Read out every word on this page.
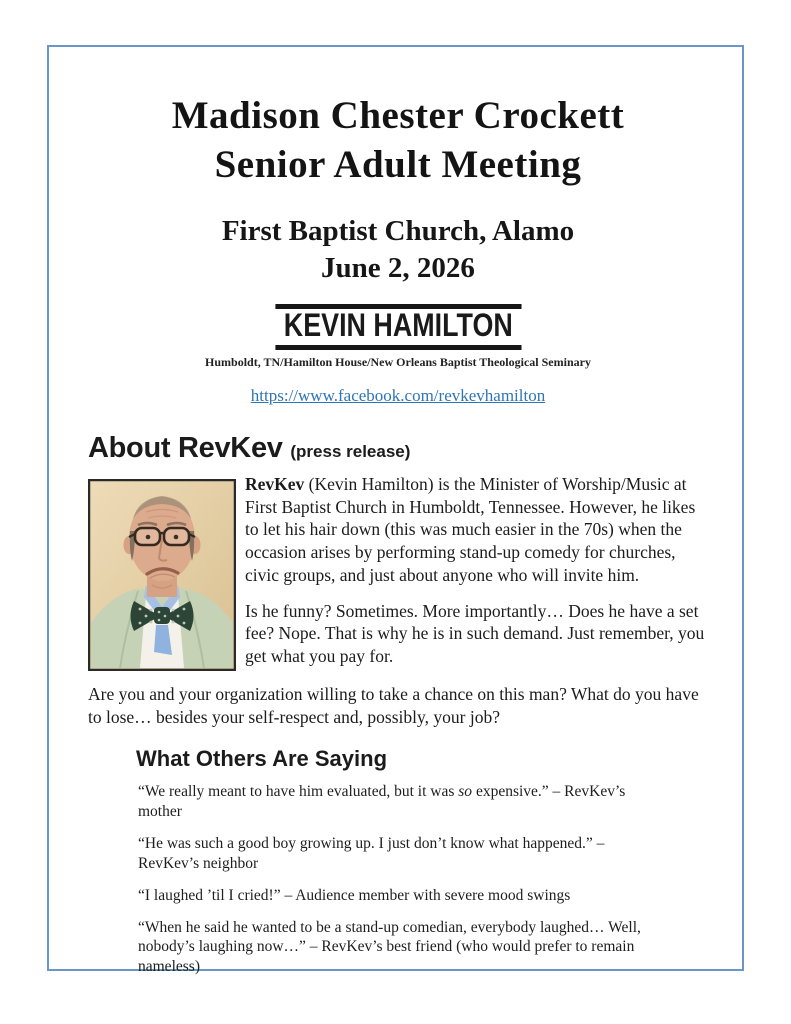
Madison Chester Crockett
Senior Adult Meeting
First Baptist Church, Alamo
June 2, 2026
KEVIN HAMILTON
Humboldt, TN/Hamilton House/New Orleans Baptist Theological Seminary
https://www.facebook.com/revkevhamilton
About RevKev (press release)

RevKev (Kevin Hamilton) is the Minister of Worship/Music at First Baptist Church in Humboldt, Tennessee. However, he likes to let his hair down (this was much easier in the 70s) when the occasion arises by performing stand-up comedy for churches, civic groups, and just about anyone who will invite him.

Is he funny? Sometimes. More importantly… Does he have a set fee? Nope. That is why he is in such demand. Just remember, you get what you pay for.

Are you and your organization willing to take a chance on this man? What do you have to lose… besides your self-respect and, possibly, your job?

What Others Are Saying

“We really meant to have him evaluated, but it was so expensive.” – RevKev’s mother

“He was such a good boy growing up. I just don’t know what happened.” – RevKev’s neighbor

“I laughed ’til I cried!” – Audience member with severe mood swings

“When he said he wanted to be a stand-up comedian, everybody laughed… Well, nobody’s laughing now…” – RevKev’s best friend (who would prefer to remain nameless)
